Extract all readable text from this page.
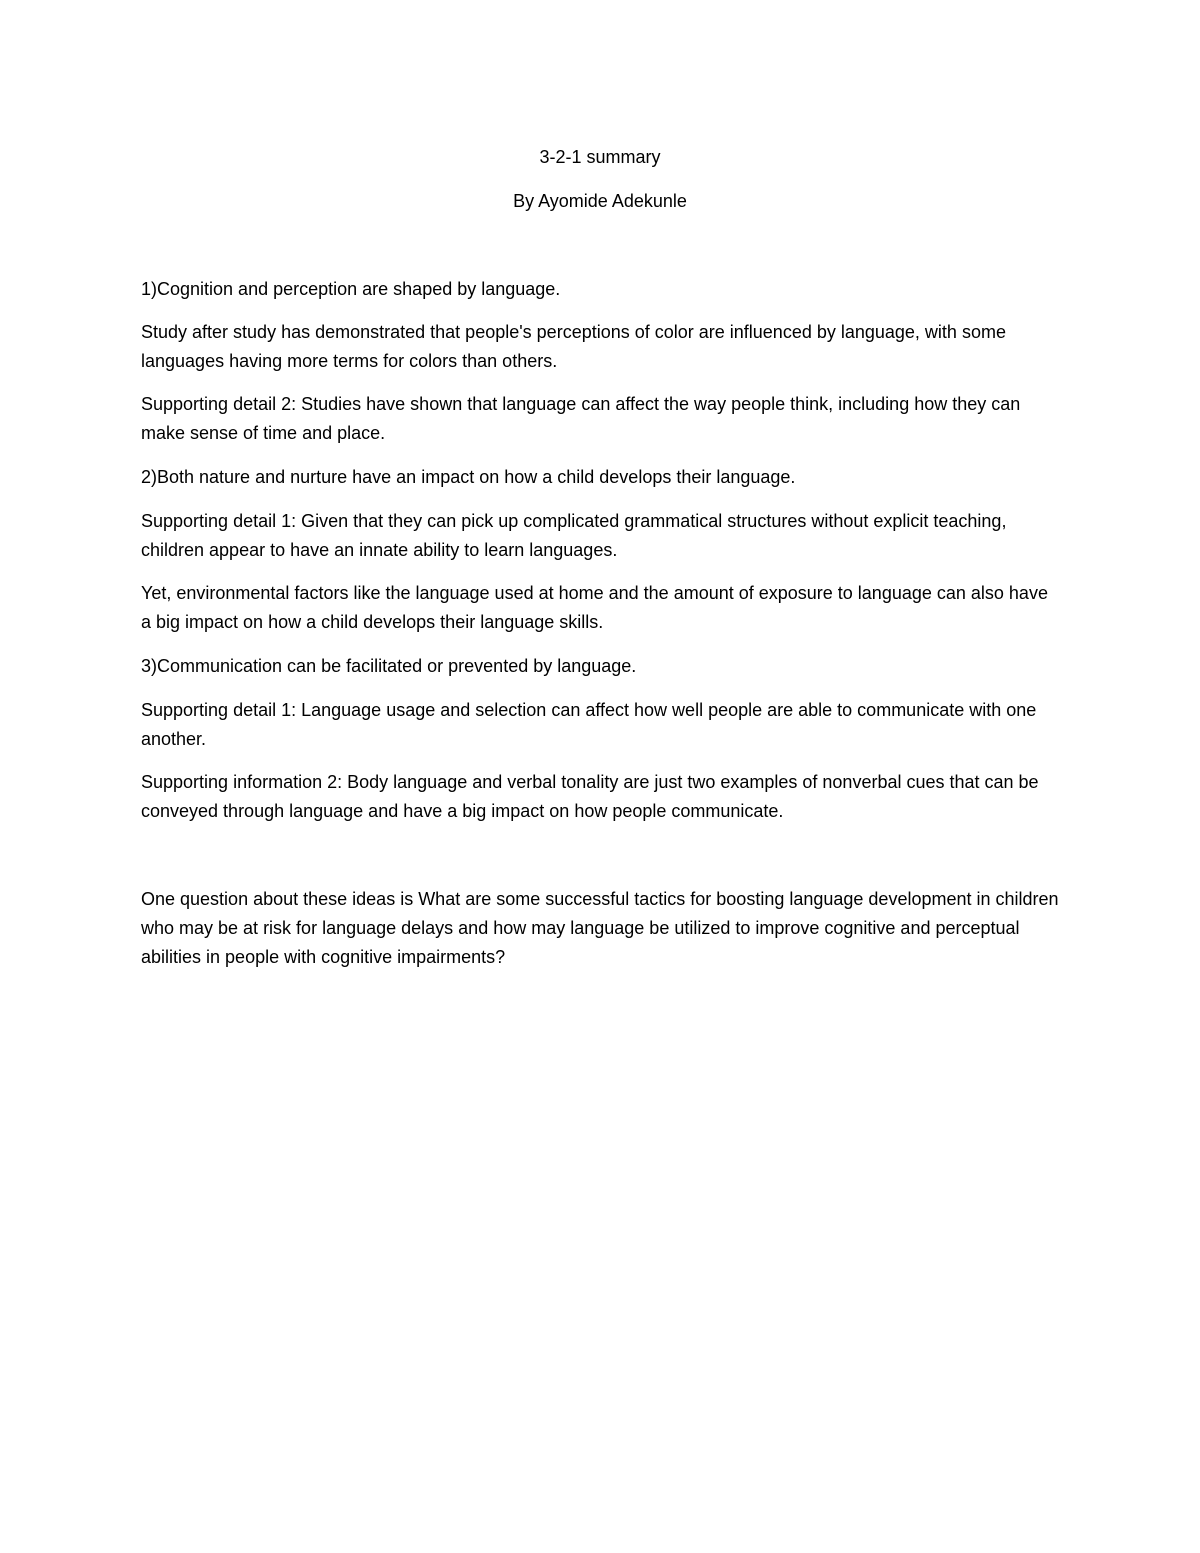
3-2-1 summary

By Ayomide Adekunle

1)Cognition and perception are shaped by language.

Study after study has demonstrated that people's perceptions of color are influenced by language, with some languages having more terms for colors than others.

Supporting detail 2: Studies have shown that language can affect the way people think, including how they can make sense of time and place.

2)Both nature and nurture have an impact on how a child develops their language.

Supporting detail 1: Given that they can pick up complicated grammatical structures without explicit teaching, children appear to have an innate ability to learn languages.

Yet, environmental factors like the language used at home and the amount of exposure to language can also have a big impact on how a child develops their language skills.

3)Communication can be facilitated or prevented by language.

Supporting detail 1: Language usage and selection can affect how well people are able to communicate with one another.

Supporting information 2: Body language and verbal tonality are just two examples of nonverbal cues that can be conveyed through language and have a big impact on how people communicate.

One question about these ideas is What are some successful tactics for boosting language development in children who may be at risk for language delays and how may language be utilized to improve cognitive and perceptual abilities in people with cognitive impairments?
